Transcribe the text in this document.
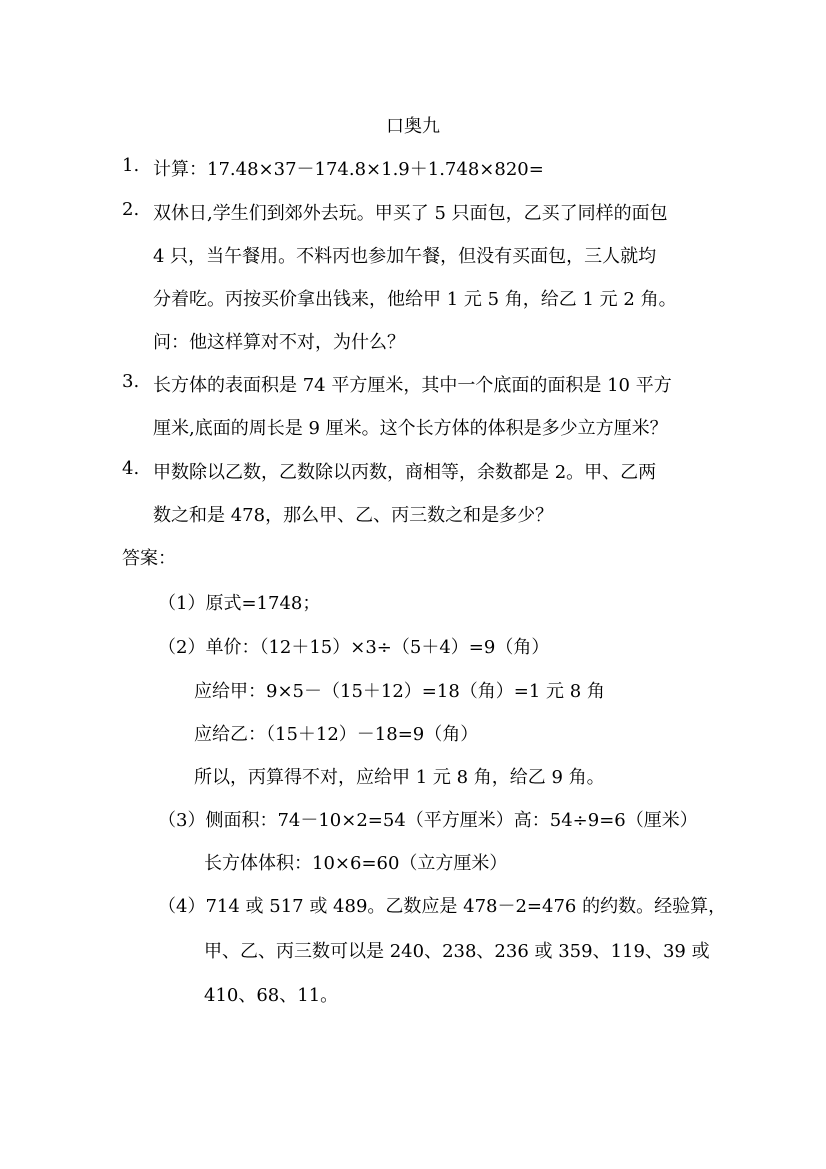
口奥九
1. 计算：17.48×37－174.8×1.9＋1.748×820=
2. 双休日,学生们到郊外去玩。甲买了 5 只面包，乙买了同样的面包
4 只，当午餐用。不料丙也参加午餐，但没有买面包，三人就均
分着吃。丙按买价拿出钱来，他给甲 1 元 5 角，给乙 1 元 2 角。
问：他这样算对不对，为什么？
3. 长方体的表面积是 74 平方厘米，其中一个底面的面积是 10 平方
厘米,底面的周长是 9 厘米。这个长方体的体积是多少立方厘米？
4. 甲数除以乙数，乙数除以丙数，商相等，余数都是 2。甲、乙两
数之和是 478，那么甲、乙、丙三数之和是多少？
答案：
（1）原式=1748；
（2）单价：（12＋15）×3÷（5＋4）=9（角）
应给甲：9×5－（15＋12）=18（角）=1 元 8 角
应给乙：（15＋12）－18=9（角）
所以，丙算得不对，应给甲 1 元 8 角，给乙 9 角。
（3）侧面积：74－10×2=54（平方厘米）高：54÷9=6（厘米）
长方体体积：10×6=60（立方厘米）
（4）714 或 517 或 489。乙数应是 478－2=476 的约数。经验算，
甲、乙、丙三数可以是 240、238、236 或 359、119、39 或
410、68、11。
